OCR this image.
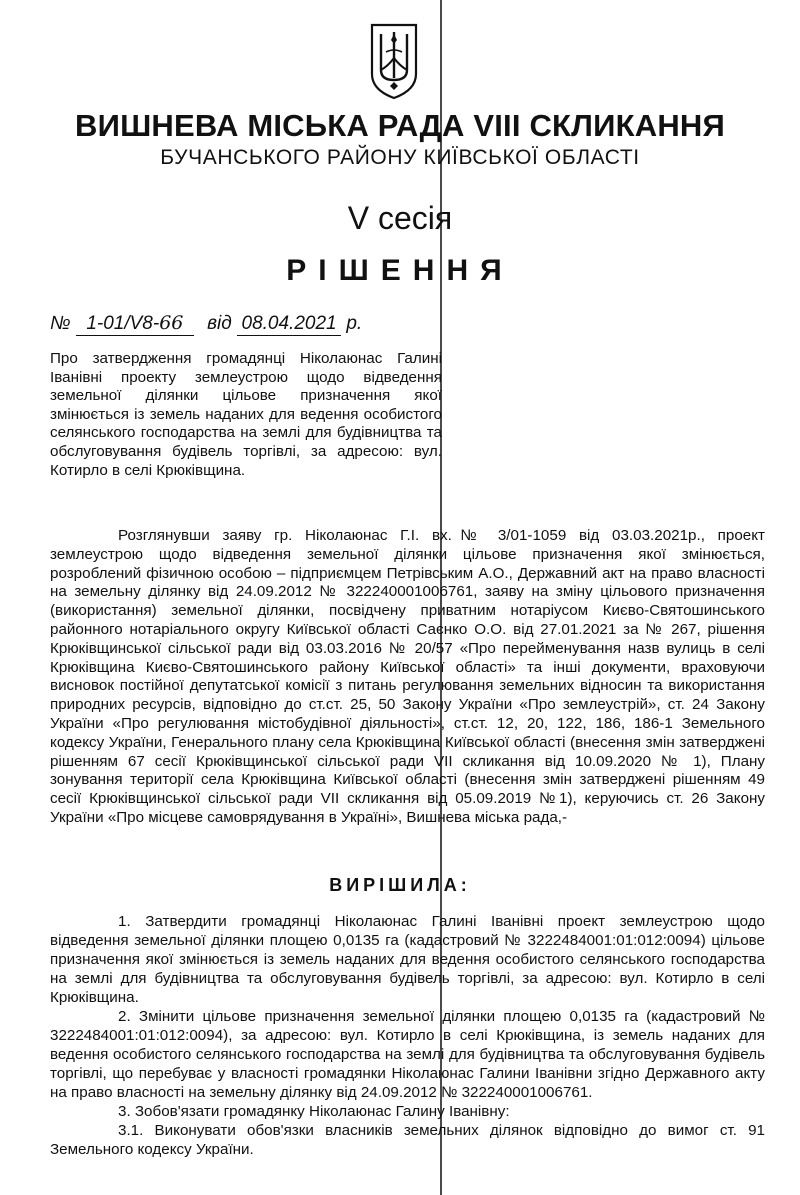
ВИШНЕВА МІСЬКА РАДА VIII СКЛИКАННЯ
БУЧАНСЬКОГО РАЙОНУ КИЇВСЬКОЇ ОБЛАСТІ
V сесія
РІШЕННЯ
№ 1-01/V8-66 від 08.04.2021 р.
Про затвердження громадянці Ніколаюнас Галині Іванівні проекту землеустрою щодо відведення земельної ділянки цільове призначення якої змінюється із земель наданих для ведення особистого селянського господарства на землі для будівництва та обслуговування будівель торгівлі, за адресою: вул. Котирло в селі Крюківщина.

Розглянувши заяву гр. Ніколаюнас Г.І. вх.№ 3/01-1059 від 03.03.2021р., проект землеустрою щодо відведення земельної ділянки цільове призначення якої змінюється, розроблений фізичною особою – підприємцем Петрівським А.О., Державний акт на право власності на земельну ділянку від 24.09.2012 № 322240001006761, заяву на зміну цільового призначення (використання) земельної ділянки, посвідчену приватним нотаріусом Києво-Святошинського районного нотаріального округу Київської області Саєнко О.О. від 27.01.2021 за № 267, рішення Крюківщинської сільської ради від 03.03.2016 № 20/57 «Про перейменування назв вулиць в селі Крюківщина Києво-Святошинського району Київської області» та інші документи, враховуючи висновок постійної депутатської комісії з питань регулювання земельних відносин та використання природних ресурсів, відповідно до ст.ст. 25, 50 Закону України «Про землеустрій», ст. 24 Закону України «Про регулювання містобудівної діяльності», ст.ст. 12, 20, 122, 186, 186-1 Земельного кодексу України, Генерального плану села Крюківщина Київської області (внесення змін затверджені рішенням 67 сесії Крюківщинської сільської ради VII скликання від 10.09.2020 № 1), Плану зонування території села Крюківщина Київської області (внесення змін затверджені рішенням 49 сесії Крюківщинської сільської ради VII скликання від 05.09.2019 №1), керуючись ст. 26 Закону України «Про місцеве самоврядування в Україні», Вишнева міська рада,-

ВИРІШИЛА:

1. Затвердити громадянці Ніколаюнас Галині Іванівні проект землеустрою щодо відведення земельної ділянки площею 0,0135 га (кадастровий № 3222484001:01:012:0094) цільове призначення якої змінюється із земель наданих для ведення особистого селянського господарства на землі для будівництва та обслуговування будівель торгівлі, за адресою: вул. Котирло в селі Крюківщина.

2. Змінити цільове призначення земельної ділянки площею 0,0135 га (кадастровий № 3222484001:01:012:0094), за адресою: вул. Котирло в селі Крюківщина, із земель наданих для ведення особистого селянського господарства на землі для будівництва та обслуговування будівель торгівлі, що перебуває у власності громадянки Ніколаюнас Галини Іванівни згідно Державного акту на право власності на земельну ділянку від 24.09.2012 № 322240001006761.

3. Зобов'язати громадянку Ніколаюнас Галину Іванівну:

3.1. Виконувати обов'язки власників земельних ділянок відповідно до вимог ст. 91 Земельного кодексу України.
